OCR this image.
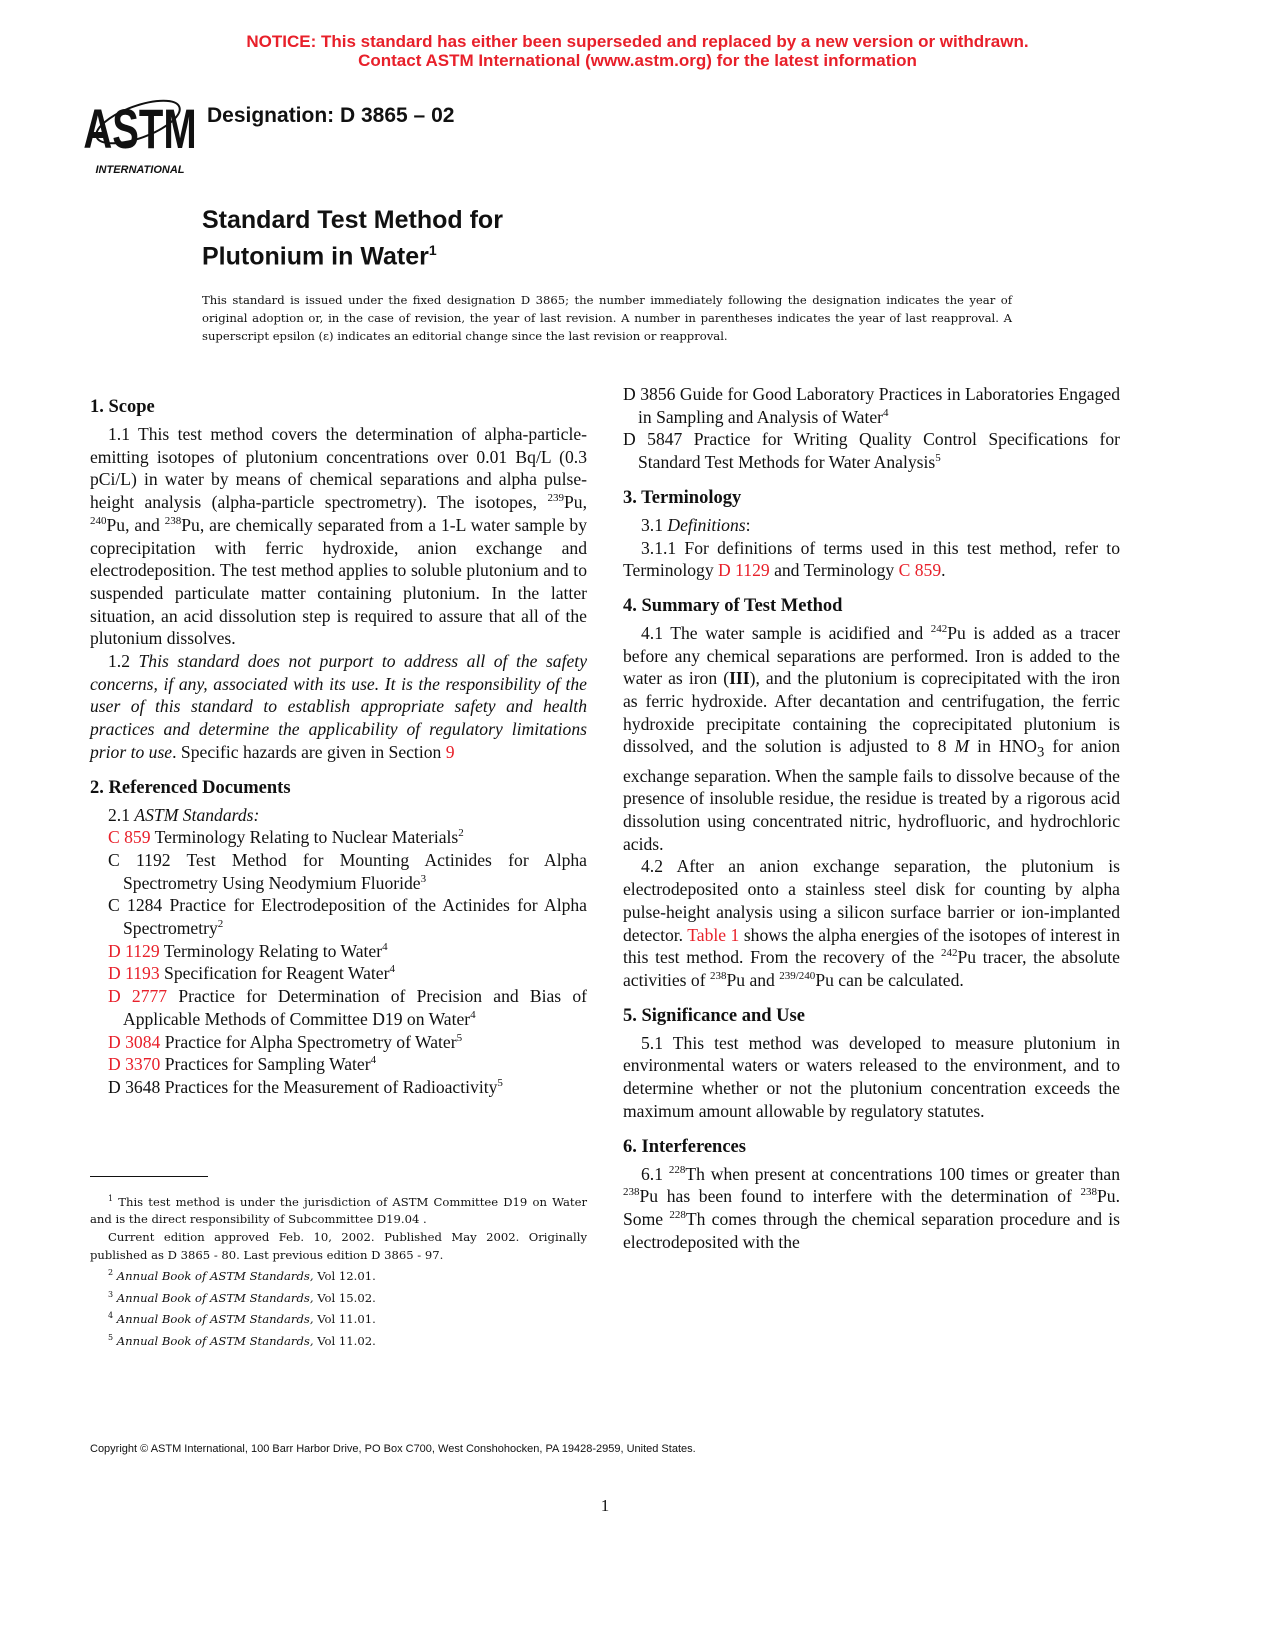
NOTICE: This standard has either been superseded and replaced by a new version or withdrawn.
Contact ASTM International (www.astm.org) for the latest information
ASTM
INTERNATIONAL
Designation: D 3865 – 02
Standard Test Method for
Plutonium in Water$^1$
This standard is issued under the fixed designation D 3865; the number immediately following the designation indicates the year of original adoption or, in the case of revision, the year of last revision. A number in parentheses indicates the year of last reapproval. A superscript epsilon (ε) indicates an editorial change since the last revision or reapproval.
1. Scope

1.1 This test method covers the determination of alpha-particle-emitting isotopes of plutonium concentrations over 0.01 Bq/L (0.3 pCi/L) in water by means of chemical separations and alpha pulse-height analysis (alpha-particle spectrometry). The isotopes, $^{239}$Pu, $^{240}$Pu, and $^{238}$Pu, are chemically separated from a 1-L water sample by coprecipitation with ferric hydroxide, anion exchange and electrodeposition. The test method applies to soluble plutonium and to suspended particulate matter containing plutonium. In the latter situation, an acid dissolution step is required to assure that all of the plutonium dissolves.

1.2 This standard does not purport to address all of the safety concerns, if any, associated with its use. It is the responsibility of the user of this standard to establish appropriate safety and health practices and determine the applicability of regulatory limitations prior to use. Specific hazards are given in Section 9

2. Referenced Documents

2.1 ASTM Standards:

C 859 Terminology Relating to Nuclear Materials$^2$

C 1192 Test Method for Mounting Actinides for Alpha Spectrometry Using Neodymium Fluoride$^3$

C 1284 Practice for Electrodeposition of the Actinides for Alpha Spectrometry$^2$

D 1129 Terminology Relating to Water$^4$

D 1193 Specification for Reagent Water$^4$

D 2777 Practice for Determination of Precision and Bias of Applicable Methods of Committee D19 on Water$^4$

D 3084 Practice for Alpha Spectrometry of Water$^5$

D 3370 Practices for Sampling Water$^4$

D 3648 Practices for the Measurement of Radioactivity$^5$

D 3856 Guide for Good Laboratory Practices in Laboratories Engaged in Sampling and Analysis of Water$^4$

D 5847 Practice for Writing Quality Control Specifications for Standard Test Methods for Water Analysis$^5$

3. Terminology

3.1 Definitions:

3.1.1 For definitions of terms used in this test method, refer to Terminology D 1129 and Terminology C 859.

4. Summary of Test Method

4.1 The water sample is acidified and $^{242}$Pu is added as a tracer before any chemical separations are performed. Iron is added to the water as iron (III), and the plutonium is coprecipitated with the iron as ferric hydroxide. After decantation and centrifugation, the ferric hydroxide precipitate containing the coprecipitated plutonium is dissolved, and the solution is adjusted to 8 M in $HNO_3$ for anion exchange separation. When the sample fails to dissolve because of the presence of insoluble residue, the residue is treated by a rigorous acid dissolution using concentrated nitric, hydrofluoric, and hydrochloric acids.

4.2 After an anion exchange separation, the plutonium is electrodeposited onto a stainless steel disk for counting by alpha pulse-height analysis using a silicon surface barrier or ion-implanted detector. Table 1 shows the alpha energies of the isotopes of interest in this test method. From the recovery of the $^{242}$Pu tracer, the absolute activities of $^{238}$Pu and $^{239/240}$Pu can be calculated.

5. Significance and Use

5.1 This test method was developed to measure plutonium in environmental waters or waters released to the environment, and to determine whether or not the plutonium concentration exceeds the maximum amount allowable by regulatory statutes.

6. Interferences

6.1 $^{228}$Th when present at concentrations 100 times or greater than $^{238}$Pu has been found to interfere with the determination of $^{238}$Pu. Some $^{228}$Th comes through the chemical separation procedure and is electrodeposited with the

$^1$ This test method is under the jurisdiction of ASTM Committee D19 on Water and is the direct responsibility of Subcommittee D19.04 .

Current edition approved Feb. 10, 2002. Published May 2002. Originally published as D 3865 - 80. Last previous edition D 3865 - 97.

$^2$ Annual Book of ASTM Standards, Vol 12.01.

$^3$ Annual Book of ASTM Standards, Vol 15.02.

$^4$ Annual Book of ASTM Standards, Vol 11.01.

$^5$ Annual Book of ASTM Standards, Vol 11.02.

Copyright © ASTM International, 100 Barr Harbor Drive, PO Box C700, West Conshohocken, PA 19428-2959, United States.
1
